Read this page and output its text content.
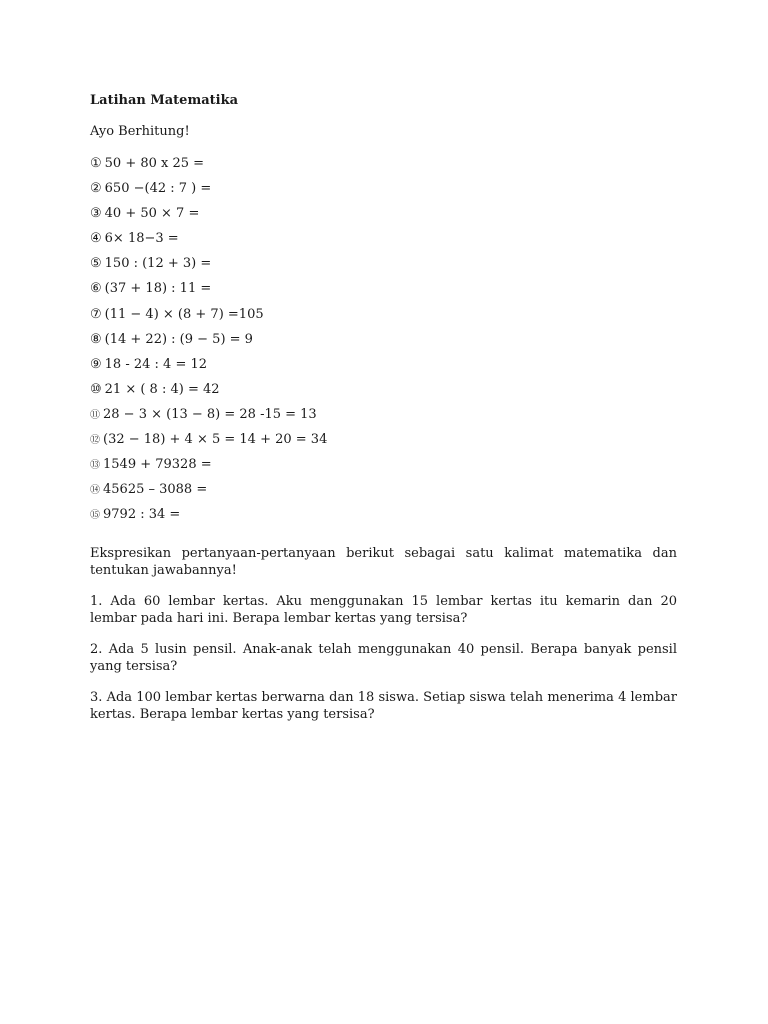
Latihan Matematika
Ayo Berhitung!
① 50 + 80 x 25 =
② 650 −(42 : 7 ) =
③ 40 + 50 × 7 =
④ 6× 18−3 =
⑤ 150 : (12 + 3) =
⑥ (37 + 18) : 11 =
⑦ (11 − 4) × (8 + 7) =105
⑧ (14 + 22) : (9 − 5) = 9
⑨ 18 - 24 : 4 = 12
⑩ 21 × ( 8 : 4) = 42
⑪ 28 − 3 × (13 − 8) = 28 -15 = 13
⑫ (32 − 18) + 4 × 5 = 14 + 20 = 34
⑬ 1549 + 79328 =
⑭ 45625 – 3088 =
⑮ 9792 : 34 =

Ekspresikan pertanyaan-pertanyaan berikut sebagai satu kalimat matematika dan tentukan jawabannya!

1. Ada 60 lembar kertas. Aku menggunakan 15 lembar kertas itu kemarin dan 20 lembar pada hari ini. Berapa lembar kertas yang tersisa?

2. Ada 5 lusin pensil. Anak-anak telah menggunakan 40 pensil. Berapa banyak pensil yang tersisa?

3. Ada 100 lembar kertas berwarna dan 18 siswa. Setiap siswa telah menerima 4 lembar kertas. Berapa lembar kertas yang tersisa?
